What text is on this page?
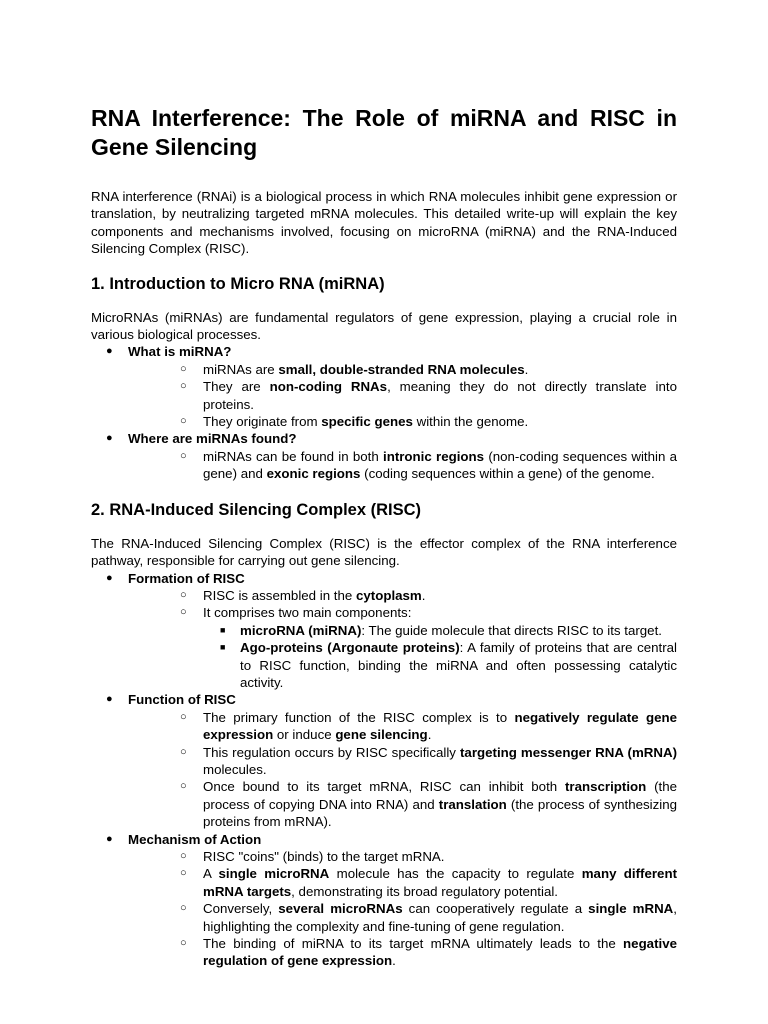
RNA Interference: The Role of miRNA and RISC in Gene Silencing

RNA interference (RNAi) is a biological process in which RNA molecules inhibit gene expression or translation, by neutralizing targeted mRNA molecules. This detailed write-up will explain the key components and mechanisms involved, focusing on microRNA (miRNA) and the RNA-Induced Silencing Complex (RISC).

1. Introduction to Micro RNA (miRNA)

MicroRNAs (miRNAs) are fundamental regulators of gene expression, playing a crucial role in various biological processes.

● What is miRNA?
○ miRNAs are small, double-stranded RNA molecules.
○ They are non-coding RNAs, meaning they do not directly translate into proteins.
○ They originate from specific genes within the genome.
● Where are miRNAs found?
○ miRNAs can be found in both intronic regions (non-coding sequences within a gene) and exonic regions (coding sequences within a gene) of the genome.
2. RNA-Induced Silencing Complex (RISC)

The RNA-Induced Silencing Complex (RISC) is the effector complex of the RNA interference pathway, responsible for carrying out gene silencing.

● Formation of RISC
○ RISC is assembled in the cytoplasm.
○ It comprises two main components:
■ microRNA (miRNA): The guide molecule that directs RISC to its target.
■ Ago-proteins (Argonaute proteins): A family of proteins that are central to RISC function, binding the miRNA and often possessing catalytic activity.
● Function of RISC
○ The primary function of the RISC complex is to negatively regulate gene expression or induce gene silencing.
○ This regulation occurs by RISC specifically targeting messenger RNA (mRNA) molecules.
○ Once bound to its target mRNA, RISC can inhibit both transcription (the process of copying DNA into RNA) and translation (the process of synthesizing proteins from mRNA).
● Mechanism of Action
○ RISC "coins" (binds) to the target mRNA.
○ A single microRNA molecule has the capacity to regulate many different mRNA targets, demonstrating its broad regulatory potential.
○ Conversely, several microRNAs can cooperatively regulate a single mRNA, highlighting the complexity and fine-tuning of gene regulation.
○ The binding of miRNA to its target mRNA ultimately leads to the negative regulation of gene expression.
